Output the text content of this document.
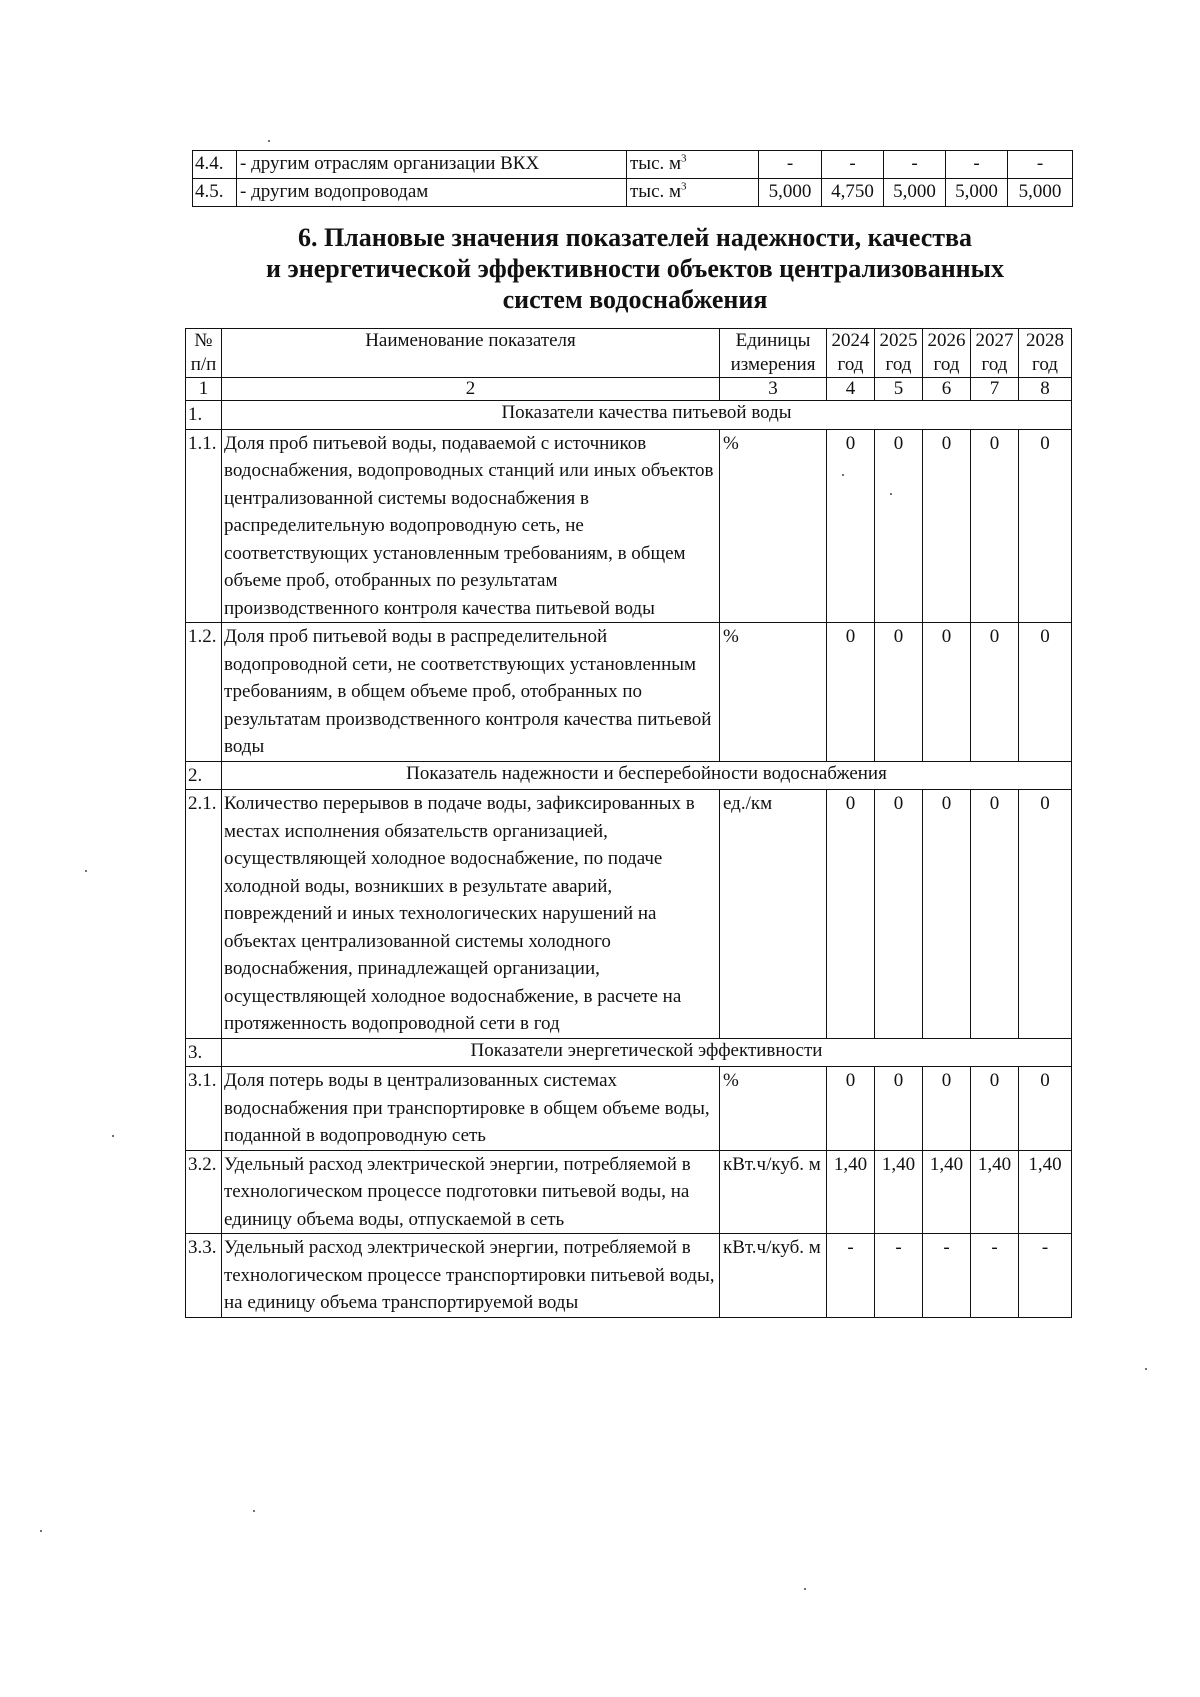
4.4.	- другим отраслям организации ВКХ	тыс. $м^3$	-	-	-	-	-
4.5.	- другим водопроводам	тыс. $м^3$	5,000	4,750	5,000	5,000	5,000
6. Плановые значения показателей надежности, качества
и энергетической эффективности объектов централизованных
систем водоснабжения
№ п/п	Наименование показателя	Единицы измерения	2024 год	2025 год	2026 год	2027 год	2028 год
1	2	3	4	5	6	7	8
1.	Показатели качества питьевой воды						
1.1.	Доля проб питьевой воды, подаваемой с источников водоснабжения, водопроводных станций или иных объектов централизованной системы водоснабжения в распределительную водопроводную сеть, не соответствующих установленным требованиям, в общем объеме проб, отобранных по результатам производственного контроля качества питьевой воды	%	0	0	0	0	0
1.2.	Доля проб питьевой воды в распределительной водопроводной сети, не соответствующих установленным требованиям, в общем объеме проб, отобранных по результатам производственного контроля качества питьевой воды	%	0	0	0	0	0
2.	Показатель надежности и бесперебойности водоснабжения						
2.1.	Количество перерывов в подаче воды, зафиксированных в местах исполнения обязательств организацией, осуществляющей холодное водоснабжение, по подаче холодной воды, возникших в результате аварий, повреждений и иных технологических нарушений на объектах централизованной системы холодного водоснабжения, принадлежащей организации, осуществляющей холодное водоснабжение, в расчете на протяженность водопроводной сети в год	ед./км	0	0	0	0	0
3.	Показатели энергетической эффективности						
3.1.	Доля потерь воды в централизованных системах водоснабжения при транспортировке в общем объеме воды, поданной в водопроводную сеть	%	0	0	0	0	0
3.2.	Удельный расход электрической энергии, потребляемой в технологическом процессе подготовки питьевой воды, на единицу объема воды, отпускаемой в сеть	кВт.ч/куб. м	1,40	1,40	1,40	1,40	1,40
3.3.	Удельный расход электрической энергии, потребляемой в технологическом процессе транспортировки питьевой воды, на единицу объема транспортируемой воды	кВт.ч/куб. м	-	-	-	-	-
